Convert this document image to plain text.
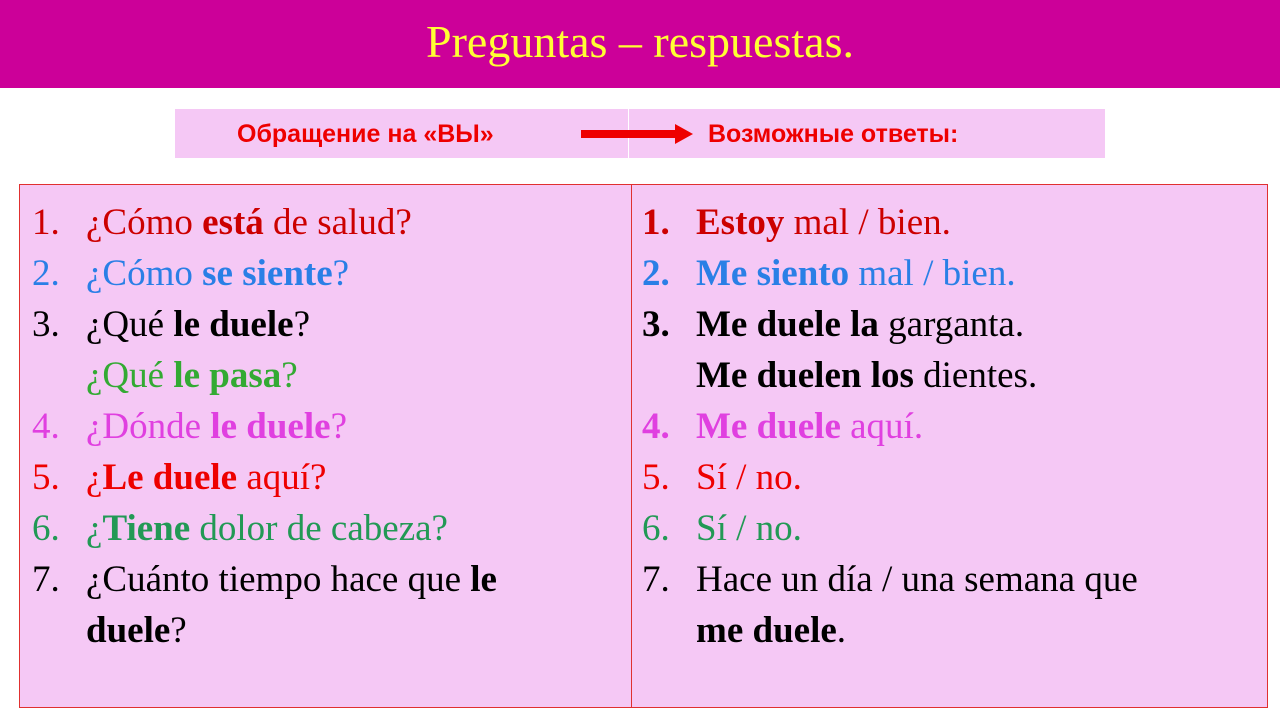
Preguntas – respuestas.
Обращение на «ВЫ»	Возможные ответы:
1. ¿Cómo está de salud?
2. ¿Cómo se siente?
3. ¿Qué le duele?
¿Qué le pasa?
4. ¿Dónde le duele?
5. ¿Le duele aquí?
6. ¿Tiene dolor de cabeza?
7. ¿Cuánto tiempo hace que le
duele?
1. Estoy mal / bien.
2. Me siento mal / bien.
3. Me duele la garganta.
Me duelen los dientes.
4. Me duele aquí.
5. Sí / no.
6. Sí / no.
7. Hace un día / una semana que
me duele.
